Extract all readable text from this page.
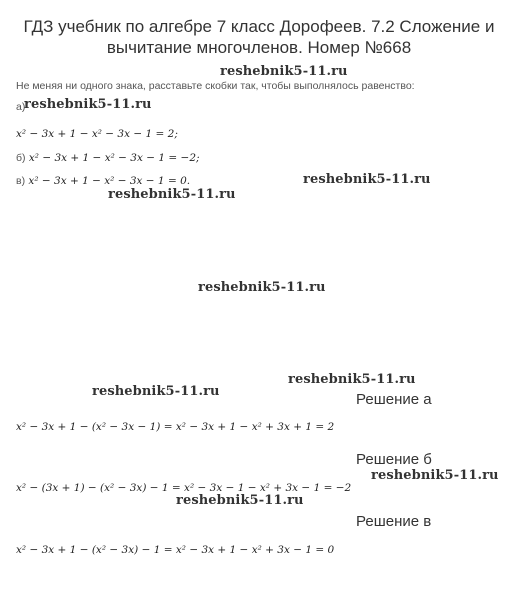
ГДЗ учебник по алгебре 7 класс Дорофеев. 7.2 Сложение и вычитание многочленов. Номер №668
reshebnik5-11.ru
Не меняя ни одного знака, расставьте скобки так, чтобы выполнялось равенство:
а)
reshebnik5-11.ru
x² − 3x + 1 − x² − 3x − 1 = 2;
б) x² − 3x + 1 − x² − 3x − 1 = −2;
в) x² − 3x + 1 − x² − 3x − 1 = 0.	reshebnik5-11.ru
reshebnik5-11.ru
reshebnik5-11.ru
reshebnik5-11.ru
reshebnik5-11.ru	Решение а
x² − 3x + 1 − (x² − 3x − 1) = x² − 3x + 1 − x² + 3x + 1 = 2
Решение б
reshebnik5-11.ru
x² − (3x + 1) − (x² − 3x) − 1 = x² − 3x − 1 − x² + 3x − 1 = −2
reshebnik5-11.ru
Решение в
x² − 3x + 1 − (x² − 3x) − 1 = x² − 3x + 1 − x² + 3x − 1 = 0
